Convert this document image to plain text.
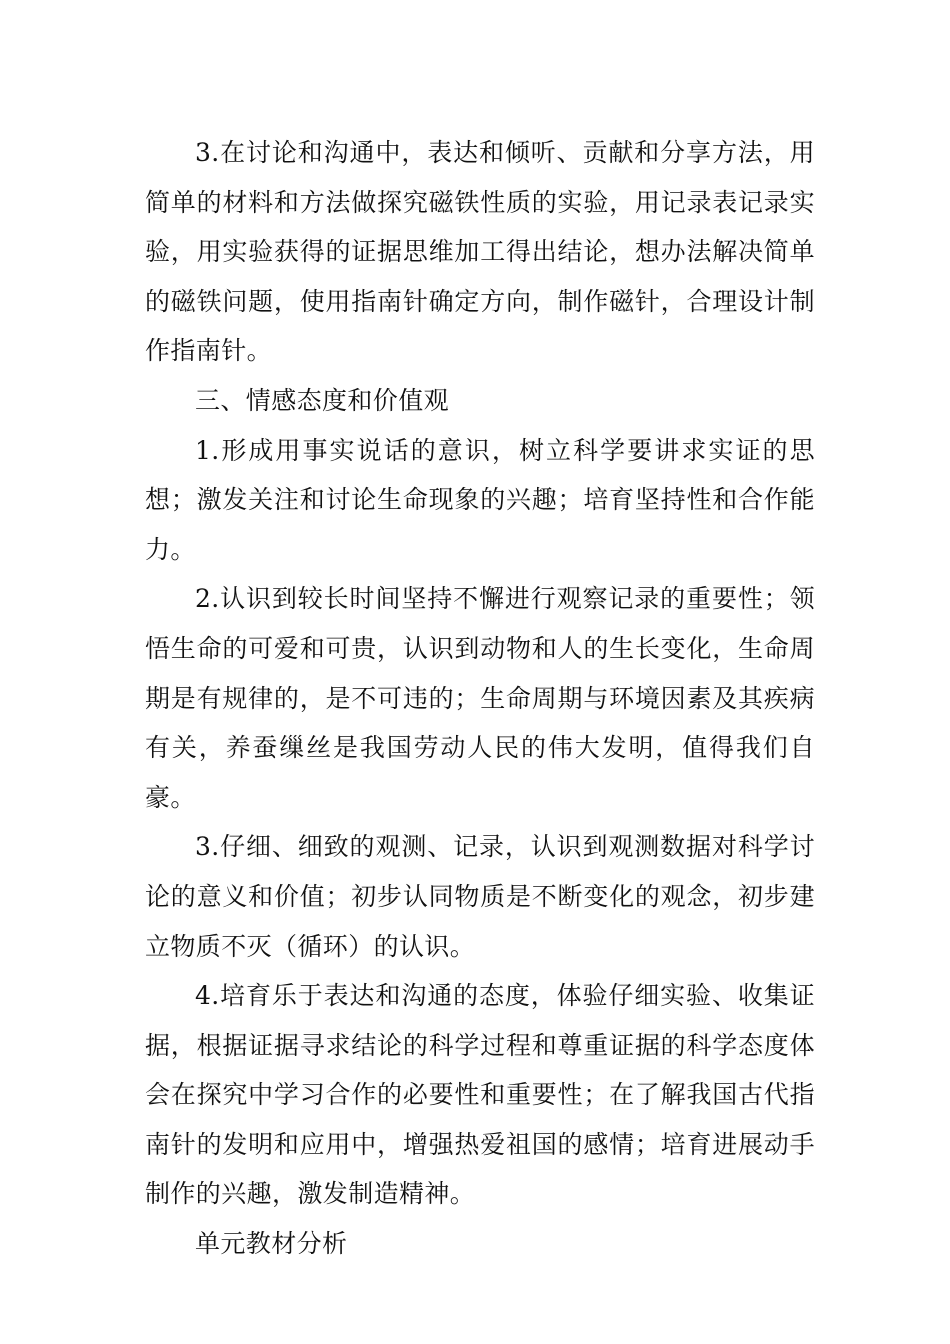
3.在讨论和沟通中，表达和倾听、贡献和分享方法，用简单的材料和方法做探究磁铁性质的实验，用记录表记录实验，用实验获得的证据思维加工得出结论，想办法解决简单的磁铁问题，使用指南针确定方向，制作磁针，合理设计制作指南针。

三、情感态度和价值观

1.形成用事实说话的意识，树立科学要讲求实证的思想；激发关注和讨论生命现象的兴趣；培育坚持性和合作能力。

2.认识到较长时间坚持不懈进行观察记录的重要性；领悟生命的可爱和可贵，认识到动物和人的生长变化，生命周期是有规律的，是不可违的；生命周期与环境因素及其疾病有关，养蚕缫丝是我国劳动人民的伟大发明，值得我们自豪。

3.仔细、细致的观测、记录，认识到观测数据对科学讨论的意义和价值；初步认同物质是不断变化的观念，初步建立物质不灭（循环）的认识。

4.培育乐于表达和沟通的态度，体验仔细实验、收集证据，根据证据寻求结论的科学过程和尊重证据的科学态度体会在探究中学习合作的必要性和重要性；在了解我国古代指南针的发明和应用中，增强热爱祖国的感情；培育进展动手制作的兴趣，激发制造精神。

单元教材分析
